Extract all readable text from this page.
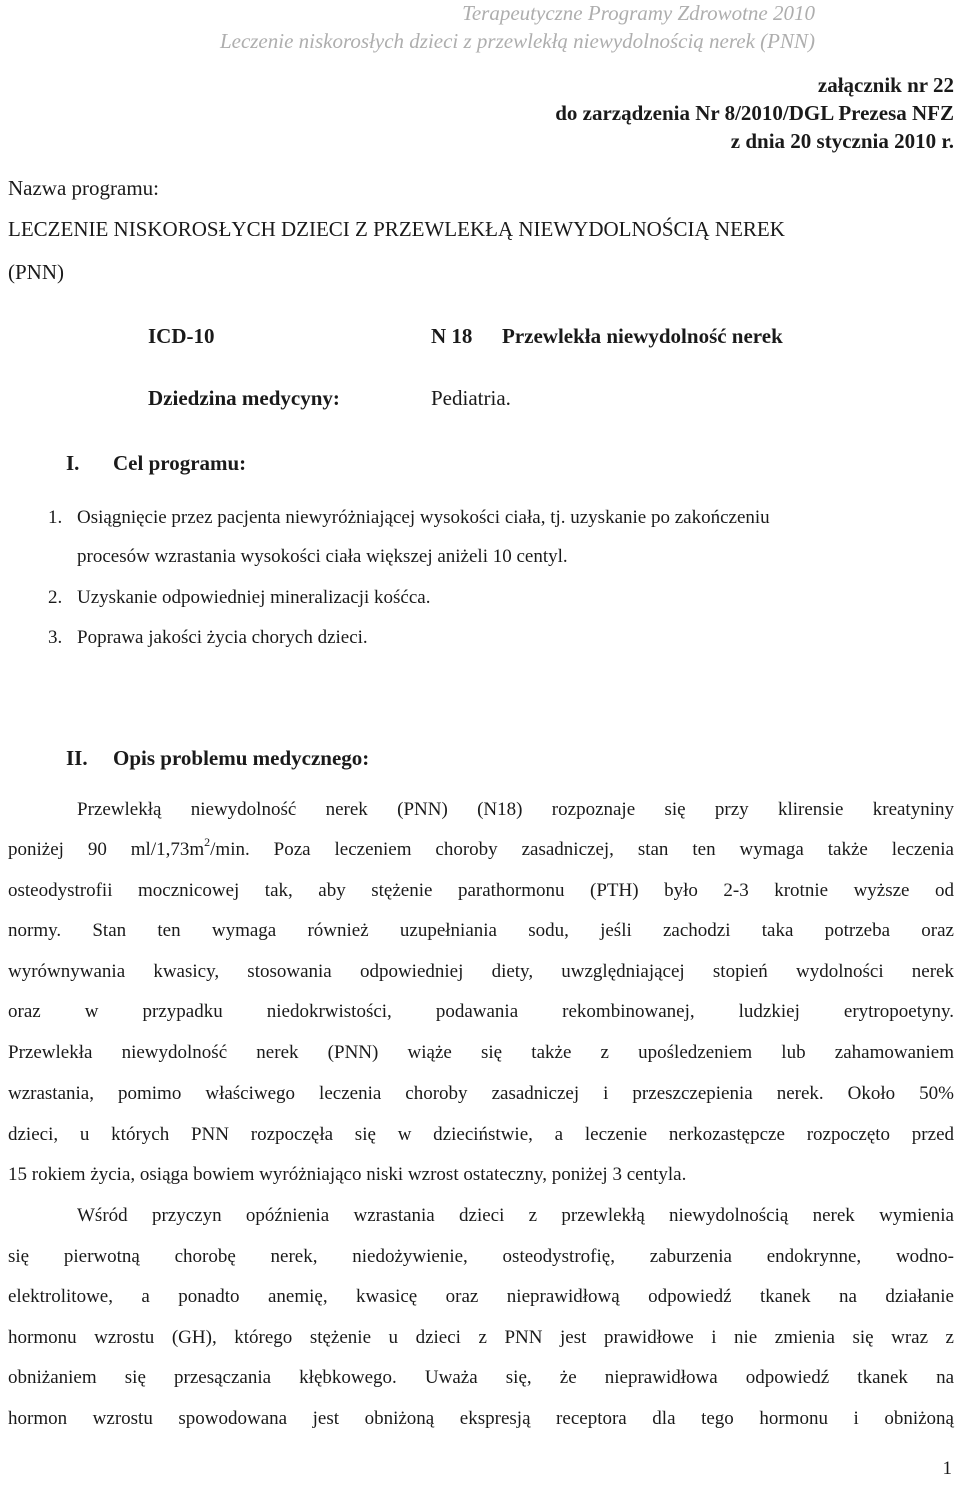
Terapeutyczne Programy Zdrowotne 2010
Leczenie niskorosłych dzieci z przewlekłą niewydolnością nerek (PNN)
załącznik nr 22
do zarządzenia Nr 8/2010/DGL Prezesa NFZ
z dnia 20 stycznia 2010 r.
Nazwa programu:
LECZENIE NISKOROSŁYCH DZIECI Z PRZEWLEKŁĄ NIEWYDOLNOŚCIĄ NEREK
(PNN)
ICD-10	N 18 Przewlekła niewydolność nerek
Dziedzina medycyny:	Pediatria.
I. Cel programu:
1. Osiągnięcie przez pacjenta niewyróżniającej wysokości ciała, tj. uzyskanie po zakończeniu
procesów wzrastania wysokości ciała większej aniżeli 10 centyl.
2. Uzyskanie odpowiedniej mineralizacji kośćca.
3. Poprawa jakości życia chorych dzieci.
II. Opis problemu medycznego:
Przewlekłą niewydolność nerek (PNN) (N18) rozpoznaje się przy klirensie kreatyniny
poniżej 90 $ml/1,73m^2/\min$. Poza leczeniem choroby zasadniczej, stan ten wymaga także leczenia
osteodystrofii mocznicowej tak, aby stężenie parathormonu (PTH) było 2-3 krotnie wyższe od
normy. Stan ten wymaga również uzupełniania sodu, jeśli zachodzi taka potrzeba oraz
wyrównywania kwasicy, stosowania odpowiedniej diety, uwzględniającej stopień wydolności nerek
oraz w przypadku niedokrwistości, podawania rekombinowanej, ludzkiej erytropoetyny.
Przewlekła niewydolność nerek (PNN) wiąże się także z upośledzeniem lub zahamowaniem
wzrastania, pomimo właściwego leczenia choroby zasadniczej i przeszczepienia nerek. Około 50%
dzieci, u których PNN rozpoczęła się w dzieciństwie, a leczenie nerkozastępcze rozpoczęto przed
15 rokiem życia, osiąga bowiem wyróżniająco niski wzrost ostateczny, poniżej 3 centyla.
Wśród przyczyn opóźnienia wzrastania dzieci z przewlekłą niewydolnością nerek wymienia
się pierwotną chorobę nerek, niedożywienie, osteodystrofię, zaburzenia endokrynne, wodno-
elektrolitowe, a ponadto anemię, kwasicę oraz nieprawidłową odpowiedź tkanek na działanie
hormonu wzrostu (GH), którego stężenie u dzieci z PNN jest prawidłowe i nie zmienia się wraz z
obniżaniem się przesączania kłębkowego. Uważa się, że nieprawidłowa odpowiedź tkanek na
hormon wzrostu spowodowana jest obniżoną ekspresją receptora dla tego hormonu i obniżoną
1
